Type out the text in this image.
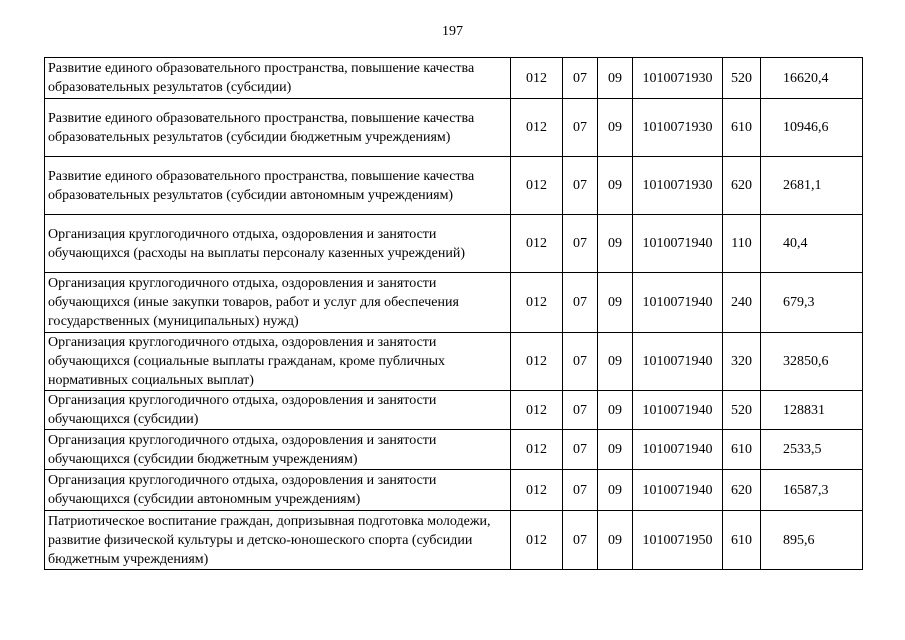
197
Развитие единого образовательного пространства, повышение качества образовательных результатов (субсидии)	012	07	09	1010071930	520	16620,4
Развитие единого образовательного пространства, повышение качества образовательных результатов (субсидии бюджетным учреждениям)	012	07	09	1010071930	610	10946,6
Развитие единого образовательного пространства, повышение качества образовательных результатов (субсидии автономным учреждениям)	012	07	09	1010071930	620	2681,1
Организация круглогодичного отдыха, оздоровления и занятости обучающихся (расходы на выплаты персоналу казенных учреждений)	012	07	09	1010071940	110	40,4
Организация круглогодичного отдыха, оздоровления и занятости обучающихся (иные закупки товаров, работ и услуг для обеспечения государственных (муниципальных) нужд)	012	07	09	1010071940	240	679,3
Организация круглогодичного отдыха, оздоровления и занятости обучающихся (социальные выплаты гражданам, кроме публичных нормативных социальных выплат)	012	07	09	1010071940	320	32850,6
Организация круглогодичного отдыха, оздоровления и занятости обучающихся (субсидии)	012	07	09	1010071940	520	128831
Организация круглогодичного отдыха, оздоровления и занятости обучающихся (субсидии бюджетным учреждениям)	012	07	09	1010071940	610	2533,5
Организация круглогодичного отдыха, оздоровления и занятости обучающихся (субсидии автономным учреждениям)	012	07	09	1010071940	620	16587,3
Патриотическое воспитание граждан, допризывная подготовка молодежи, развитие физической культуры и детско-юношеского спорта (субсидии бюджетным учреждениям)	012	07	09	1010071950	610	895,6
